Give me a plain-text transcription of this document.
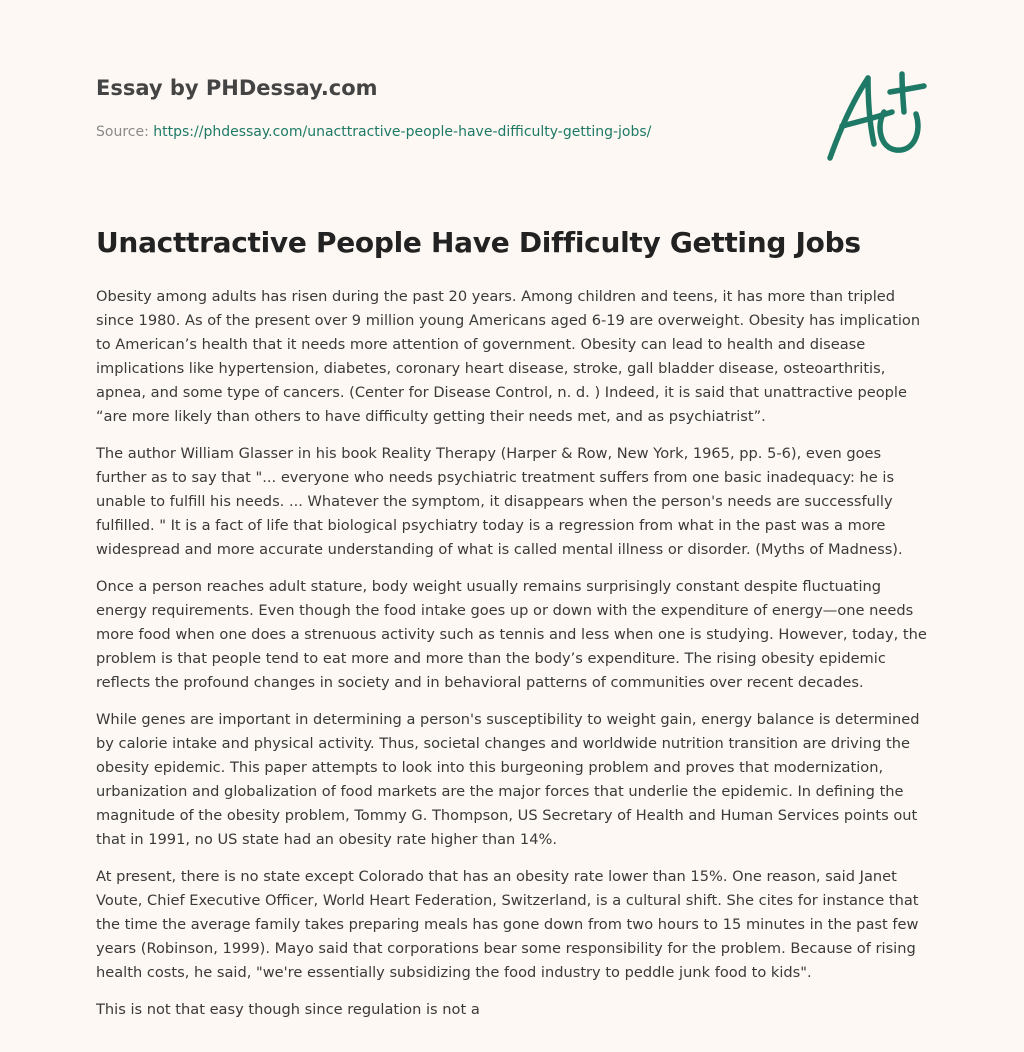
Essay by PHDessay.com
Source: https://phdessay.com/unacttractive-people-have-difficulty-getting-jobs/
Unacttractive People Have Difficulty Getting Jobs

Obesity among adults has risen during the past 20 years. Among children and teens, it has more than tripled since 1980. As of the present over 9 million young Americans aged 6-19 are overweight. Obesity has implication to American’s health that it needs more attention of government. Obesity can lead to health and disease implications like hypertension, diabetes, coronary heart disease, stroke, gall bladder disease, osteoarthritis, apnea, and some type of cancers. (Center for Disease Control, n. d. ) Indeed, it is said that unattractive people “are more likely than others to have difficulty getting their needs met, and as psychiatrist”.

The author William Glasser in his book Reality Therapy (Harper & Row, New York, 1965, pp. 5-6), even goes further as to say that "... everyone who needs psychiatric treatment suffers from one basic inadequacy: he is unable to fulfill his needs. ... Whatever the symptom, it disappears when the person's needs are successfully fulfilled. " It is a fact of life that biological psychiatry today is a regression from what in the past was a more widespread and more accurate understanding of what is called mental illness or disorder. (Myths of Madness).

Once a person reaches adult stature, body weight usually remains surprisingly constant despite fluctuating energy requirements. Even though the food intake goes up or down with the expenditure of energy—one needs more food when one does a strenuous activity such as tennis and less when one is studying. However, today, the problem is that people tend to eat more and more than the body’s expenditure. The rising obesity epidemic reflects the profound changes in society and in behavioral patterns of communities over recent decades.

While genes are important in determining a person's susceptibility to weight gain, energy balance is determined by calorie intake and physical activity. Thus, societal changes and worldwide nutrition transition are driving the obesity epidemic. This paper attempts to look into this burgeoning problem and proves that modernization, urbanization and globalization of food markets are the major forces that underlie the epidemic. In defining the magnitude of the obesity problem, Tommy G. Thompson, US Secretary of Health and Human Services points out that in 1991, no US state had an obesity rate higher than 14%.

At present, there is no state except Colorado that has an obesity rate lower than 15%. One reason, said Janet Voute, Chief Executive Officer, World Heart Federation, Switzerland, is a cultural shift. She cites for instance that the time the average family takes preparing meals has gone down from two hours to 15 minutes in the past few years (Robinson, 1999). Mayo said that corporations bear some responsibility for the problem. Because of rising health costs, he said, "we're essentially subsidizing the food industry to peddle junk food to kids".

This is not that easy though since regulation is not a
